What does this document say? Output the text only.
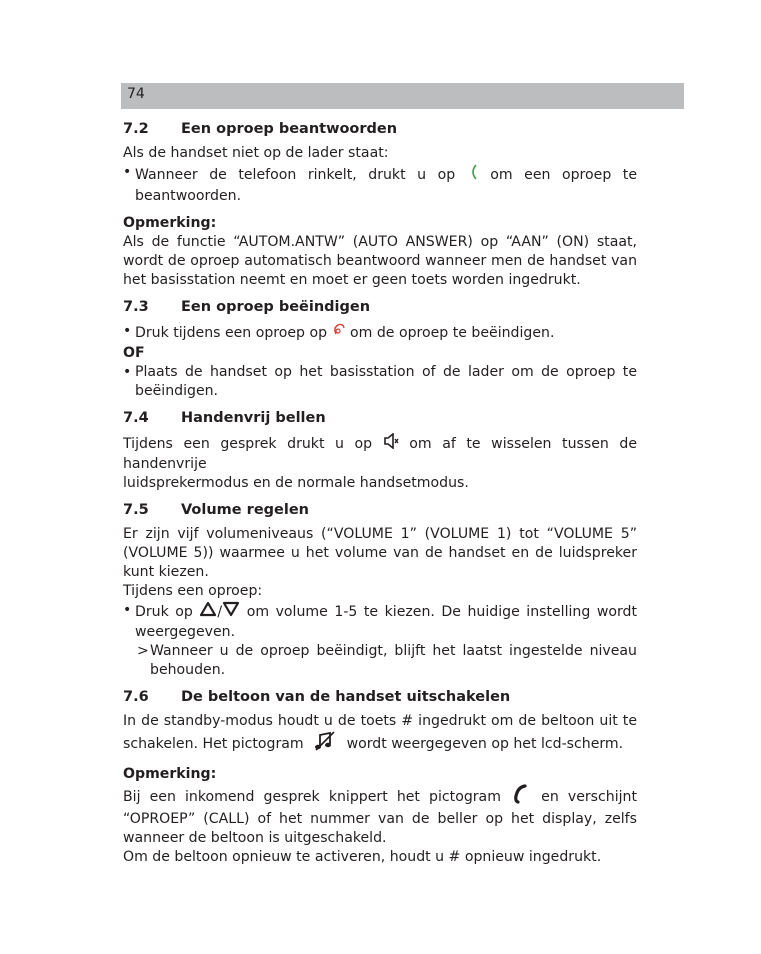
74
7.2	Een oproep beantwoorden

Als de handset niet op de lader staat:

• Wanneer de telefoon rinkelt, drukt u op om een oproep te

beantwoorden.

Opmerking:

Als de functie “AUTOM.ANTW” (AUTO ANSWER) op “AAN” (ON) staat, wordt de oproep automatisch beantwoord wanneer men de handset van het basisstation neemt en moet er geen toets worden ingedrukt.

7.3	Een oproep beëindigen
• Druk tijdens een oproep op om de oproep te beëindigen.

OF

• Plaats de handset op het basisstation of de lader om de oproep te beëindigen.

7.4	Handenvrij bellen

Tijdens een gesprek drukt u op	om af te wisselen tussen de handenvrije

luidsprekermodus en de normale handsetmodus.

7.5	Volume regelen

Er zijn vijf volumeniveaus (“VOLUME 1” (VOLUME 1) tot “VOLUME 5” (VOLUME 5)) waarmee u het volume van de handset en de luidspreker kunt kiezen.

Tijdens een oproep:

• Druk op / om volume 1-5 te kiezen. De huidige instelling wordt

weergegeven.

> Wanneer u de oproep beëindigt, blijft het laatst ingestelde niveau behouden.

7.6	De beltoon van de handset uitschakelen

In de standby-modus houdt u de toets # ingedrukt om de beltoon uit te

schakelen. Het pictogram	wordt weergegeven op het lcd-scherm.

Opmerking:

Bij een inkomend gesprek knippert het pictogram	en verschijnt

“OPROEP” (CALL) of het nummer van de beller op het display, zelfs wanneer de beltoon is uitgeschakeld.

Om de beltoon opnieuw te activeren, houdt u # opnieuw ingedrukt.
